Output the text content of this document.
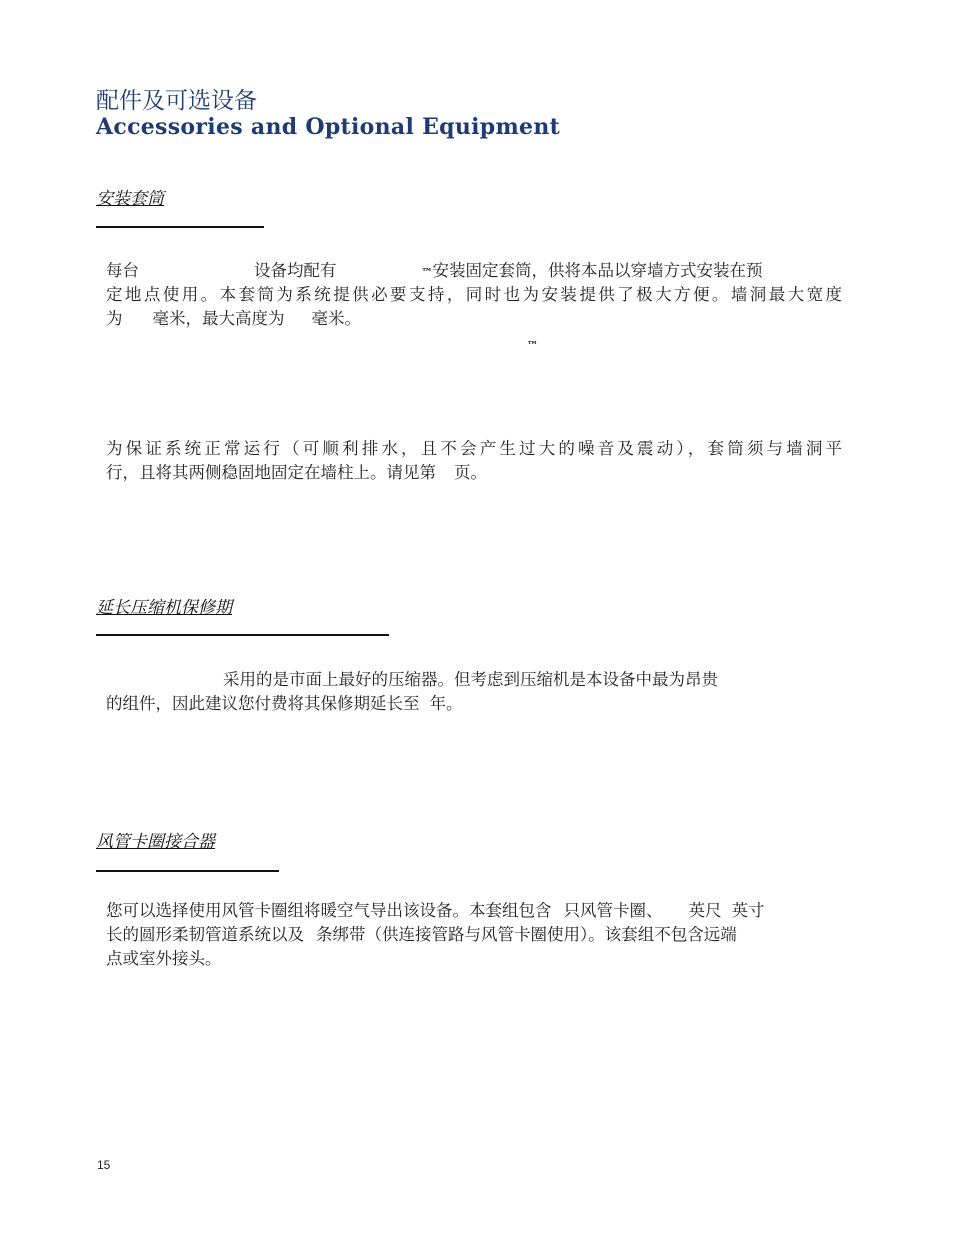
配件及可选设备
Accessories and Optional Equipment
安装套筒
每台	设备均配有	™安装固定套筒，供将本品以穿墙方式安装在预
定地点使用。本套筒为系统提供必要支持，同时也为安装提供了极大方便。墙洞最大宽度
为 毫米，最大高度为 毫米。
™
为保证系统正常运行（可顺利排水，且不会产生过大的噪音及震动），套筒须与墙洞平
行，且将其两侧稳固地固定在墙柱上。请见第 页。
延长压缩机保修期
采用的是市面上最好的压缩器。但考虑到压缩机是本设备中最为昂贵
的组件，因此建议您付费将其保修期延长至 年。
风管卡圈接合器
您可以选择使用风管卡圈组将暖空气导出该设备。本套组包含 只风管卡圈、 英尺 英寸
长的圆形柔韧管道系统以及 条绑带（供连接管路与风管卡圈使用）。该套组不包含远端
点或室外接头。
15
